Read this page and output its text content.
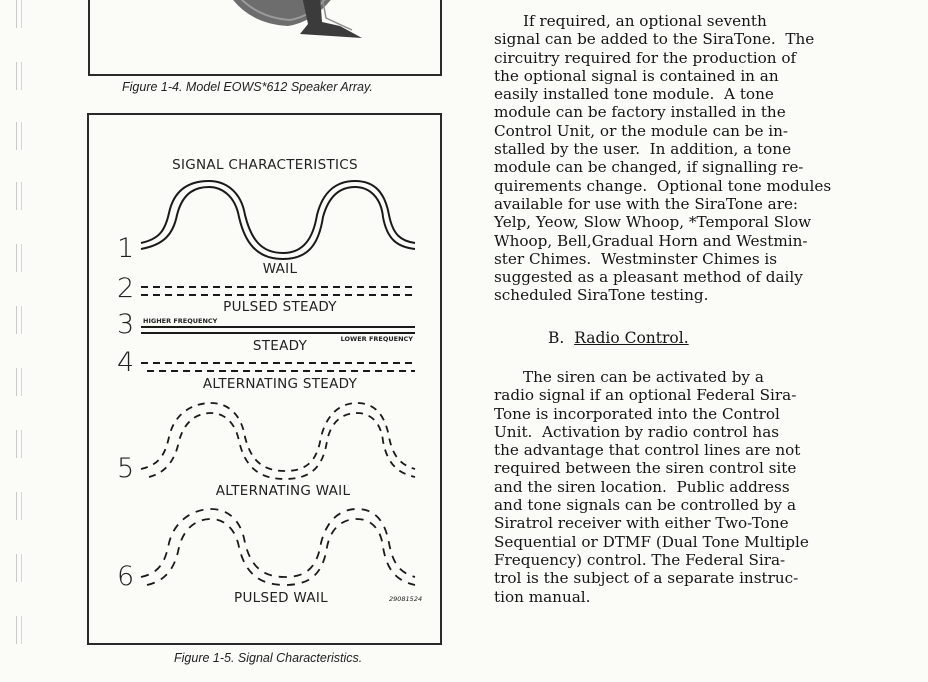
Figure 1-4. Model EOWS*612 Speaker Array.
SIGNAL CHARACTERISTICS
1
WAIL
2
PULSED STEADY
3 HIGHER FREQUENCY
LOWER FREQUENCY
STEADY
4
ALTERNATING STEADY
5
ALTERNATING WAIL
6
PULSED WAIL	29081524
Figure 1-5. Signal Characteristics.

If required, an optional seventh

signal can be added to the SiraTone.  The

circuitry required for the production of

the optional signal is contained in an

easily installed tone module.  A tone

module can be factory installed in the

Control Unit, or the module can be in-

stalled by the user.  In addition, a tone

module can be changed, if signalling re-

quirements change.  Optional tone modules

available for use with the SiraTone are:

Yelp, Yeow, Slow Whoop, *Temporal Slow

Whoop, Bell,Gradual Horn and Westmin-

ster Chimes.  Westminster Chimes is

suggested as a pleasant method of daily

scheduled SiraTone testing.

B. Radio Control.

The siren can be activated by a

radio signal if an optional Federal Sira-

Tone is incorporated into the Control

Unit.  Activation by radio control has

the advantage that control lines are not

required between the siren control site

and the siren location.  Public address

and tone signals can be controlled by a

Siratrol receiver with either Two-Tone

Sequential or DTMF (Dual Tone Multiple

Frequency) control. The Federal Sira-

trol is the subject of a separate instruc-

tion manual.
